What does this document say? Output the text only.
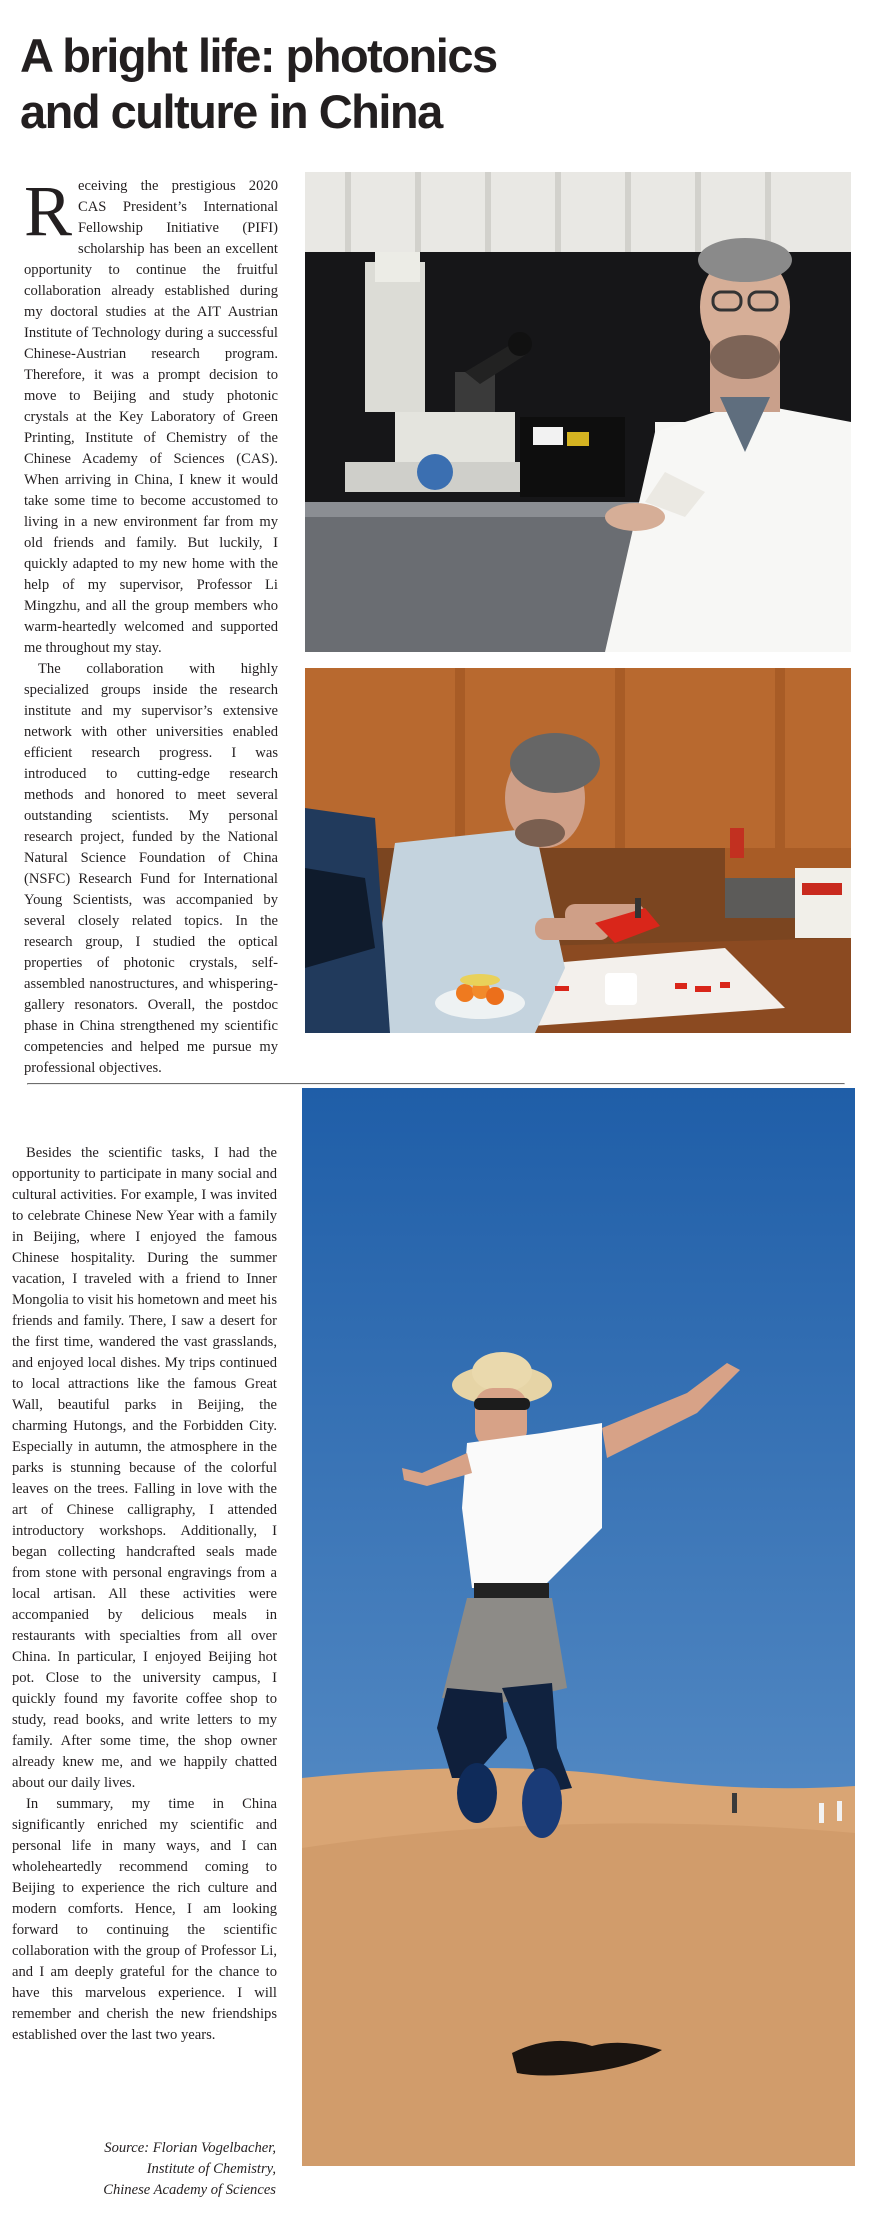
A bright life: photonics
and culture in China

Receiving the prestigious 2020 CAS President’s International Fellowship Initiative (PIFI) scholarship has been an excellent opportunity to continue the fruitful collaboration already established during my doctoral studies at the AIT Austrian Institute of Technology during a successful Chinese-Austrian research program. Therefore, it was a prompt decision to move to Beijing and study photonic crystals at the Key Laboratory of Green Printing, Institute of Chemistry of the Chinese Academy of Sciences (CAS). When arriving in China, I knew it would take some time to become accustomed to living in a new environment far from my old friends and family. But luckily, I quickly adapted to my new home with the help of my supervisor, Professor Li Mingzhu, and all the group members who warm-heartedly welcomed and supported me throughout my stay.

The collaboration with highly specialized groups inside the research institute and my supervisor’s extensive network with other universities enabled efficient research progress. I was introduced to cutting-edge research methods and honored to meet several outstanding scientists. My personal research project, funded by the National Natural Science Foundation of China (NSFC) Research Fund for International Young Scientists, was accompanied by several closely related topics. In the research group, I studied the optical properties of photonic crystals, self-assembled nanostructures, and whispering-gallery resonators. Overall, the postdoc phase in China strengthened my scientific competencies and helped me pursue my professional objectives.

Besides the scientific tasks, I had the opportunity to participate in many social and cultural activities. For example, I was invited to celebrate Chinese New Year with a family in Beijing, where I enjoyed the famous Chinese hospitality. During the summer vacation, I traveled with a friend to Inner Mongolia to visit his hometown and meet his friends and family. There, I saw a desert for the first time, wandered the vast grasslands, and enjoyed local dishes. My trips continued to local attractions like the famous Great Wall, beautiful parks in Beijing, the charming Hutongs, and the Forbidden City. Especially in autumn, the atmosphere in the parks is stunning because of the colorful leaves on the trees. Falling in love with the art of Chinese calligraphy, I attended introductory workshops. Additionally, I began collecting handcrafted seals made from stone with personal engravings from a local artisan. All these activities were accompanied by delicious meals in restaurants with specialties from all over China. In particular, I enjoyed Beijing hot pot. Close to the university campus, I quickly found my favorite coffee shop to study, read books, and write letters to my family. After some time, the shop owner already knew me, and we happily chatted about our daily lives.

In summary, my time in China significantly enriched my scientific and personal life in many ways, and I can wholeheartedly recommend coming to Beijing to experience the rich culture and modern comforts. Hence, I am looking forward to continuing the scientific collaboration with the group of Professor Li, and I am deeply grateful for the chance to have this marvelous experience. I will remember and cherish the new friendships established over the last two years.

Source: Florian Vogelbacher,
Institute of Chemistry,
Chinese Academy of Sciences
